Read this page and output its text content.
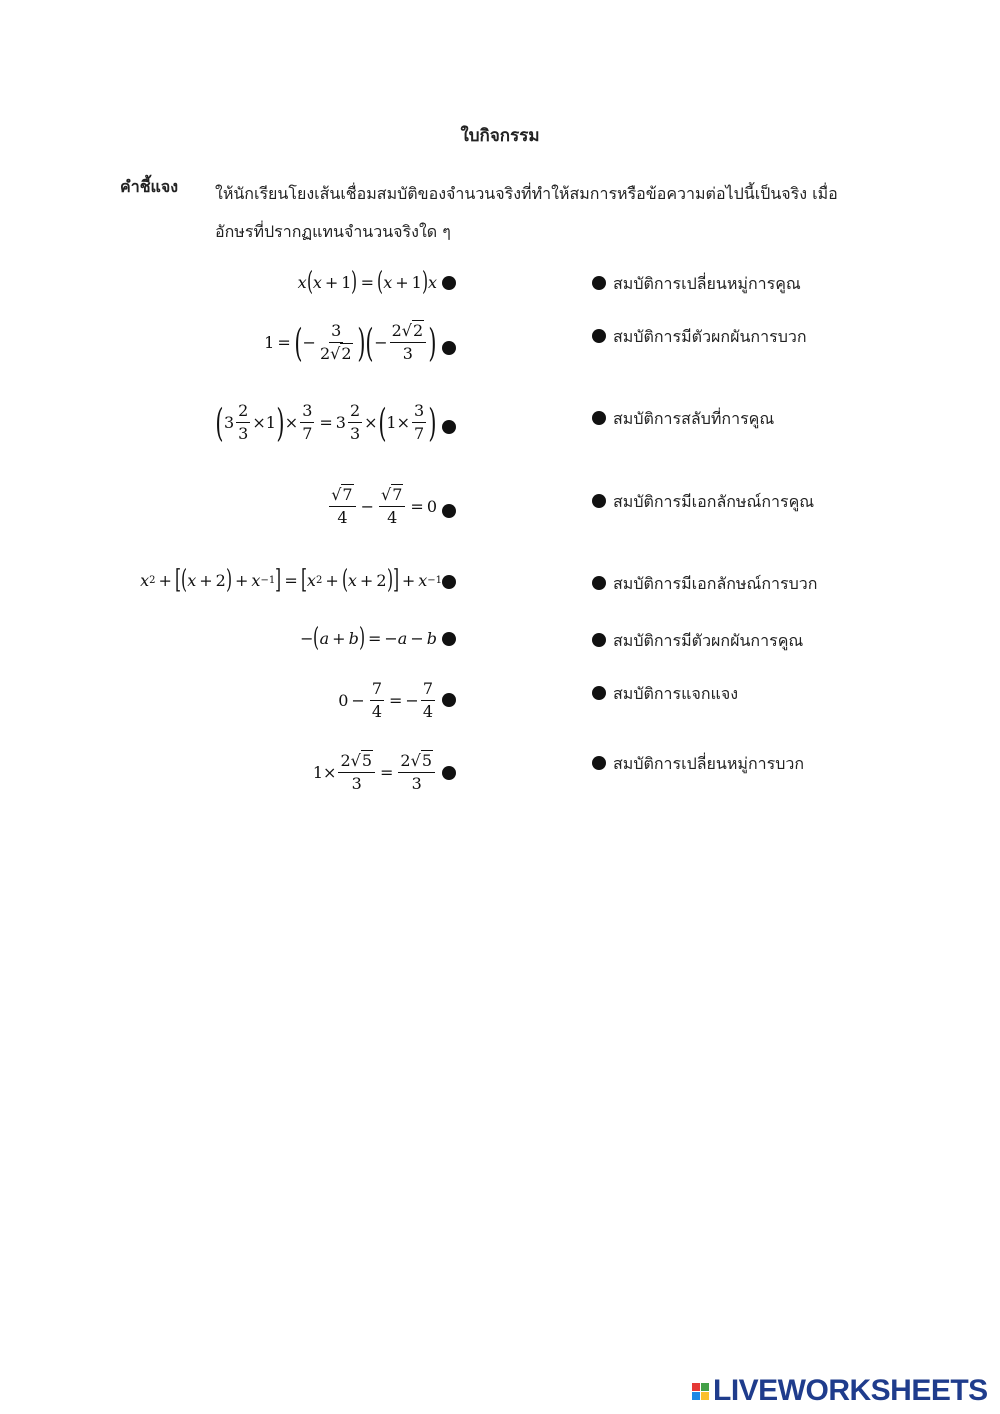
ใบกิจกรรม
คำชี้แจง ให้นักเรียนโยงเส้นเชื่อมสมบัติของจำนวนจริงที่ทำให้สมการหรือข้อความต่อไปนี้เป็นจริง เมื่อ
อักษรที่ปรากฏแทนจำนวนจริงใด ๆ
x ( x + 1 ) = ( x + 1 ) x
1 = ( −
3
2√2 ) ( −
2√2
3 )
( 3
2
3
×1 ) × $\frac{3}{7} = 3 \frac{2}{3}$ × ( 1×
3
7 )
√7
4
− $\frac{√7}{4} = 0$
x 2 + [ ( x + 2 ) + x −1 ] = [ x 2 + ( x + 2 ) ] + x −1
− ( a + b ) = − a − b
$0 - \frac{7}{4}$ = − $\frac{7}{4}$
$1\times \frac{2√5}{3} = \frac{2√5}{3}$
สมบัติการเปลี่ยนหมู่การคูณ
สมบัติการมีตัวผกผันการบวก
สมบัติการสลับที่การคูณ
สมบัติการมีเอกลักษณ์การคูณ
สมบัติการมีเอกลักษณ์การบวก
สมบัติการมีตัวผกผันการคูณ
สมบัติการแจกแจง
สมบัติการเปลี่ยนหมู่การบวก
LIVEWORKSHEETS
